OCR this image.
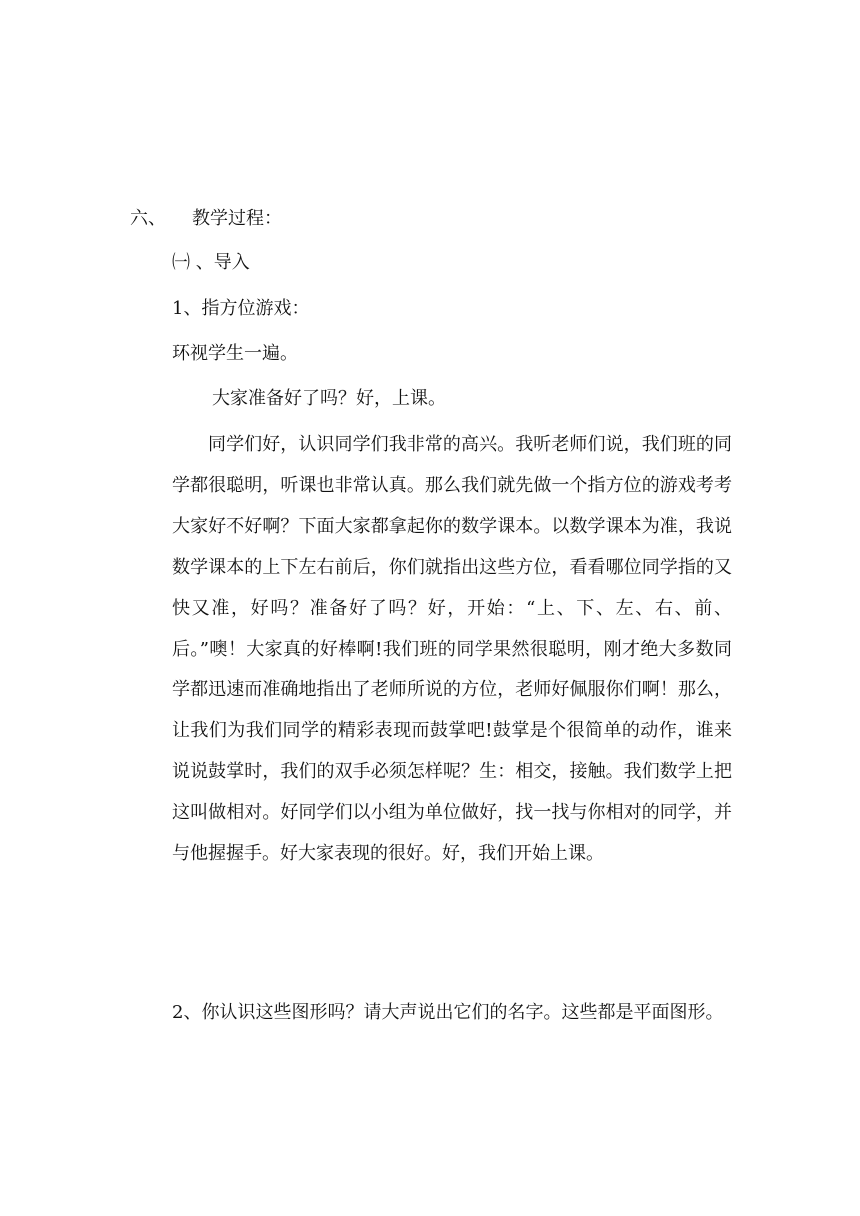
六、 教学过程：
㈠ 、导入
1、指方位游戏：
环视学生一遍。
大家准备好了吗？好，上课。
同学们好，认识同学们我非常的高兴。我听老师们说，我们班的同学都很聪明，听课也非常认真。那么我们就先做一个指方位的游戏考考大家好不好啊？下面大家都拿起你的数学课本。以数学课本为准，我说数学课本的上下左右前后，你们就指出这些方位，看看哪位同学指的又快又准，好吗？准备好了吗？好，开始：“上、下、左、右、前、后。”噢！大家真的好棒啊!我们班的同学果然很聪明，刚才绝大多数同学都迅速而准确地指出了老师所说的方位，老师好佩服你们啊！那么，让我们为我们同学的精彩表现而鼓掌吧!鼓掌是个很简单的动作，谁来说说鼓掌时，我们的双手必须怎样呢？生：相交，接触。我们数学上把这叫做相对。好同学们以小组为单位做好，找一找与你相对的同学，并与他握握手。好大家表现的很好。好，我们开始上课。
2、你认识这些图形吗？请大声说出它们的名字。这些都是平面图形。
